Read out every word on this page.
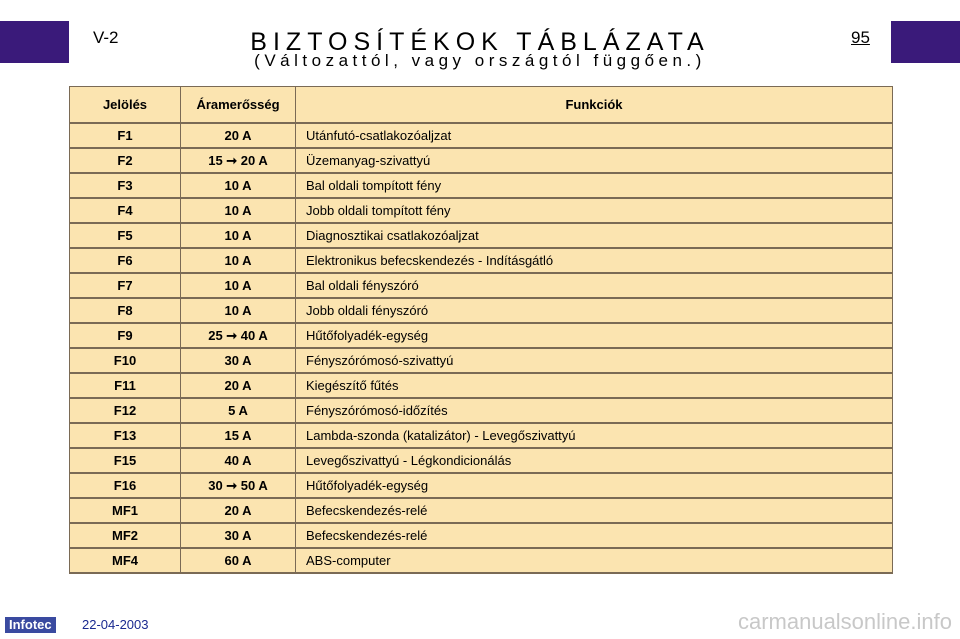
V-2	BIZTOSÍTÉKOK TÁBLÁZATA	95
(Változattól, vagy országtól függően.)
Jelölés	Áramerősség	Funkciók
F1	20 A	Utánfutó-csatlakozóaljzat
F2	15 ➞ 20 A	Üzemanyag-szivattyú
F3	10 A	Bal oldali tompított fény
F4	10 A	Jobb oldali tompított fény
F5	10 A	Diagnosztikai csatlakozóaljzat
F6	10 A	Elektronikus befecskendezés - Indításgátló
F7	10 A	Bal oldali fényszóró
F8	10 A	Jobb oldali fényszóró
F9	25 ➞ 40 A	Hűtőfolyadék-egység
F10	30 A	Fényszórómosó-szivattyú
F11	20 A	Kiegészítő fűtés
F12	5 A	Fényszórómosó-időzítés
F13	15 A	Lambda-szonda (katalizátor) - Levegőszivattyú
F15	40 A	Levegőszivattyú - Légkondicionálás
F16	30 ➞ 50 A	Hűtőfolyadék-egység
MF1	20 A	Befecskendezés-relé
MF2	30 A	Befecskendezés-relé
MF4	60 A	ABS-computer
Infotec	22-04-2003	carmanualsonline.info
